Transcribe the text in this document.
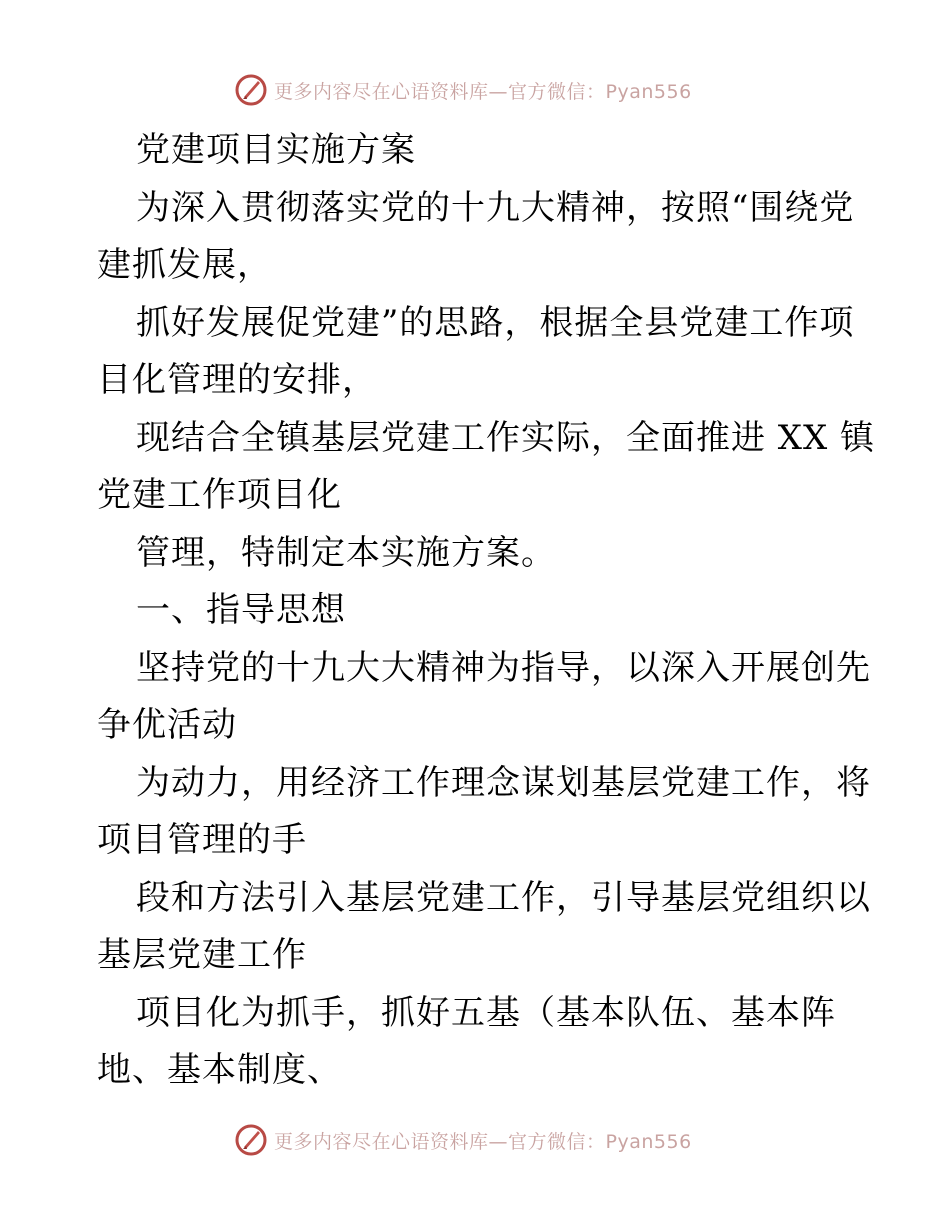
更多内容尽在心语资料库—官方微信：Pyan556
党建项目实施方案
为深入贯彻落实党的十九大精神，按照“围绕党
建抓发展，
抓好发展促党建”的思路，根据全县党建工作项
目化管理的安排，
现结合全镇基层党建工作实际，全面推进 XX 镇
党建工作项目化
管理，特制定本实施方案。
一、指导思想
坚持党的十九大大精神为指导，以深入开展创先
争优活动
为动力，用经济工作理念谋划基层党建工作，将
项目管理的手
段和方法引入基层党建工作，引导基层党组织以
基层党建工作
项目化为抓手，抓好五基（基本队伍、基本阵
地、基本制度、
更多内容尽在心语资料库—官方微信：Pyan556
